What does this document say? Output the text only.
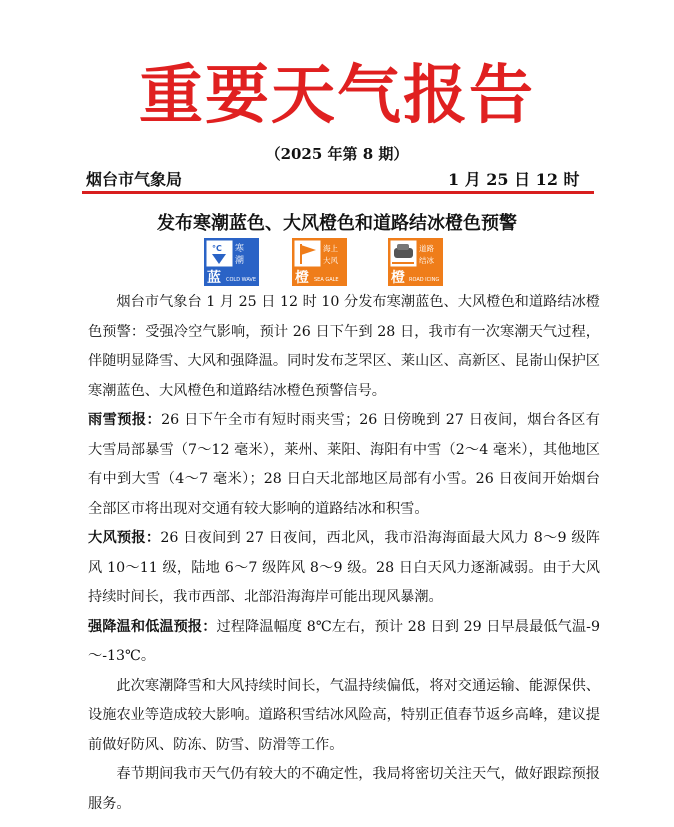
重要天气报告
（2025 年第 8 期）
烟台市气象局	1 月 25 日 12 时
发布寒潮蓝色、大风橙色和道路结冰橙色预警
°C 寒
潮
蓝 COLD WAVE
海上
大风
橙 SEA GALE
道路
结冰
橙 ROAD ICING

烟台市气象台 1 月 25 日 12 时 10 分发布寒潮蓝色、大风橙色和道路结冰橙色预警：受强冷空气影响，预计 26 日下午到 28 日，我市有一次寒潮天气过程，伴随明显降雪、大风和强降温。同时发布芝罘区、莱山区、高新区、昆嵛山保护区寒潮蓝色、大风橙色和道路结冰橙色预警信号。

雨雪预报：26 日下午全市有短时雨夹雪；26 日傍晚到 27 日夜间，烟台各区有大雪局部暴雪（7～12 毫米），莱州、莱阳、海阳有中雪（2～4 毫米），其他地区有中到大雪（4～7 毫米）；28 日白天北部地区局部有小雪。26 日夜间开始烟台全部区市将出现对交通有较大影响的道路结冰和积雪。

大风预报：26 日夜间到 27 日夜间，西北风，我市沿海海面最大风力 8～9 级阵风 10～11 级，陆地 6～7 级阵风 8～9 级。28 日白天风力逐渐减弱。由于大风持续时间长，我市西部、北部沿海海岸可能出现风暴潮。

强降温和低温预报：过程降温幅度 8℃左右，预计 28 日到 29 日早晨最低气温-9～-13℃。

此次寒潮降雪和大风持续时间长，气温持续偏低，将对交通运输、能源保供、设施农业等造成较大影响。道路积雪结冰风险高，特别正值春节返乡高峰，建议提前做好防风、防冻、防雪、防滑等工作。

春节期间我市天气仍有较大的不确定性，我局将密切关注天气，做好跟踪预报服务。
